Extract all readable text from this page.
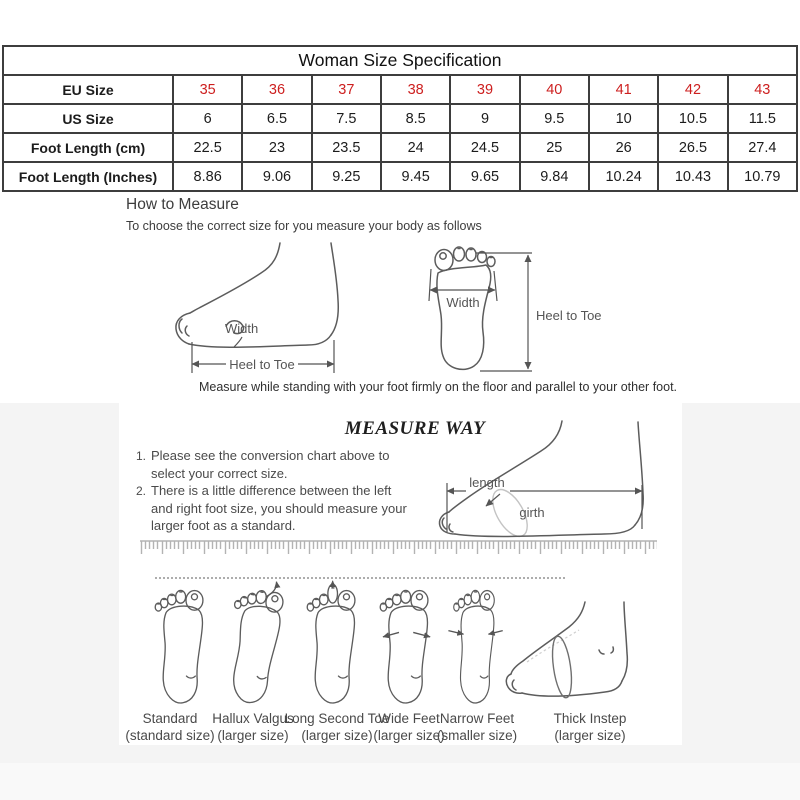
Woman Size Specification									
EU Size	35	36	37	38	39	40	41	42	43
US Size	6	6.5	7.5	8.5	9	9.5	10	10.5	11.5
Foot Length (cm)	22.5	23	23.5	24	24.5	25	26	26.5	27.4
Foot Length (Inches)	8.86	9.06	9.25	9.45	9.65	9.84	10.24	10.43	10.79
How to Measure
To choose the correct size for you measure your body as follows
Width
Heel to Toe
Width
Heel to Toe
Measure while standing with your foot firmly on the floor and parallel to your other foot.
MEASURE WAY
1. Please see the conversion chart above to select your correct size.
2. There is a little difference between the left and right foot size, you should measure your larger foot as a standard.
length
girth
Standard
(standard size)
Hallux Valgus
(larger size)
Long Second Toe
(larger size)
Wide Feet
(larger size)
Narrow Feet
(smaller size)
Thick Instep
(larger size)
